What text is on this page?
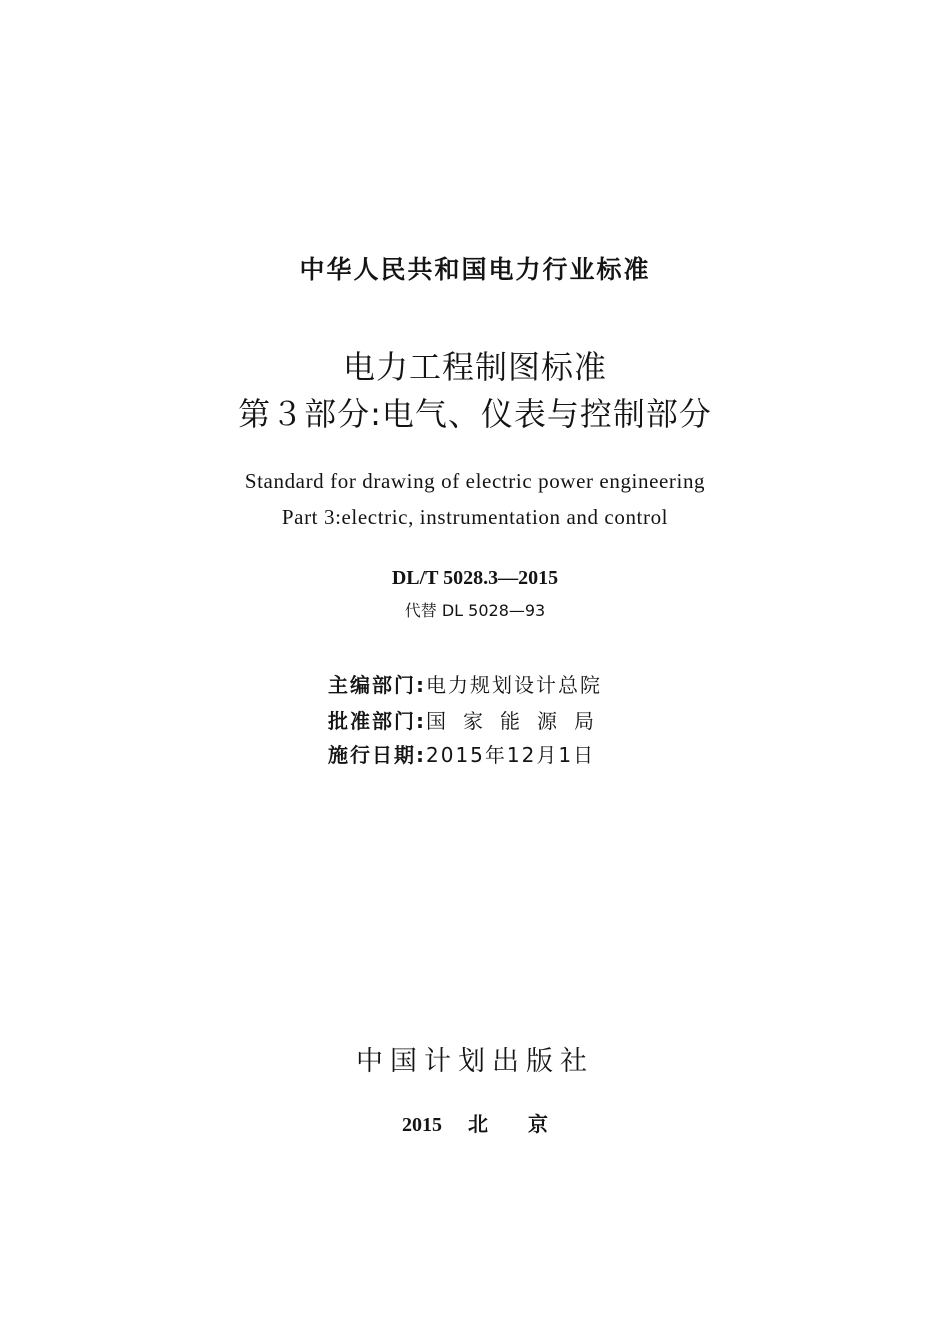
中华人民共和国电力行业标准
电力工程制图标准
第３部分:电气、仪表与控制部分
Standard for drawing of electric power engineering
Part 3:electric, instrumentation and control
DL/T 5028.3—2015
代替 DL 5028—93
主编部门:电力规划设计总院
批准部门:国家能源局
施行日期:2015年12月1日
中国计划出版社
2015 北 京
